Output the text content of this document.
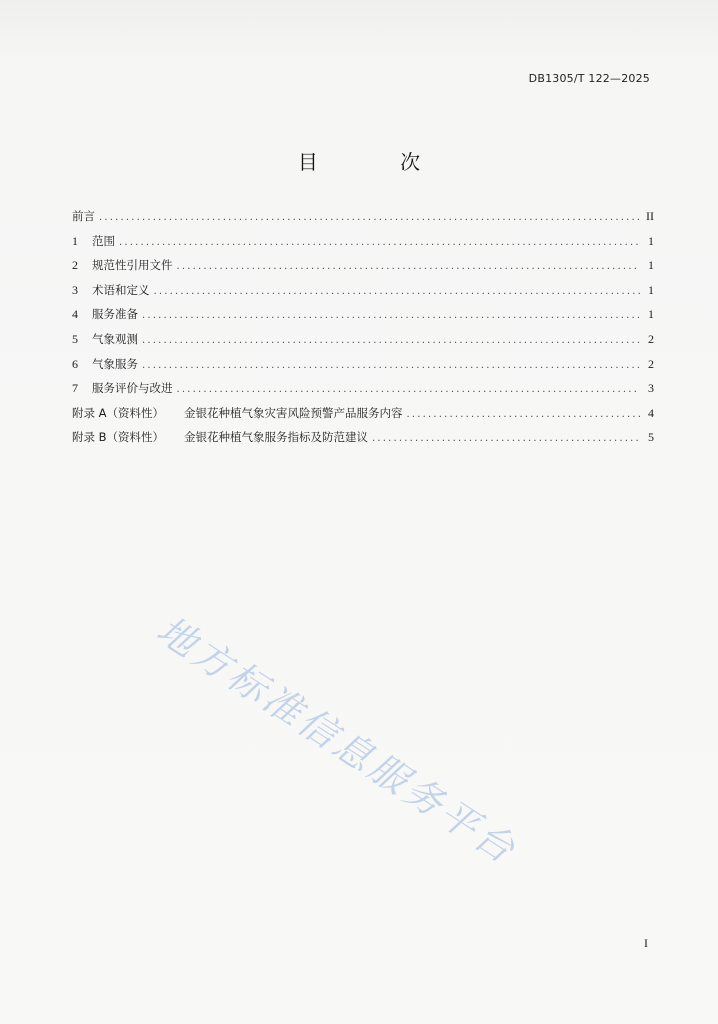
DB1305/T 122—2025
目 次
前言 .....	II
1	范围 .....	1
2	规范性引用文件 .....	1
3	术语和定义 .....	1
4	服务准备 .....	1
5	气象观测 .....	2
6	气象服务 .....	2
7	服务评价与改进 .....	3
附录 A（资料性）	金银花种植气象灾害风险预警产品服务内容 .....	4
附录 B（资料性）	金银花种植气象服务指标及防范建议 .....	5
地方标准信息服务平台
I
